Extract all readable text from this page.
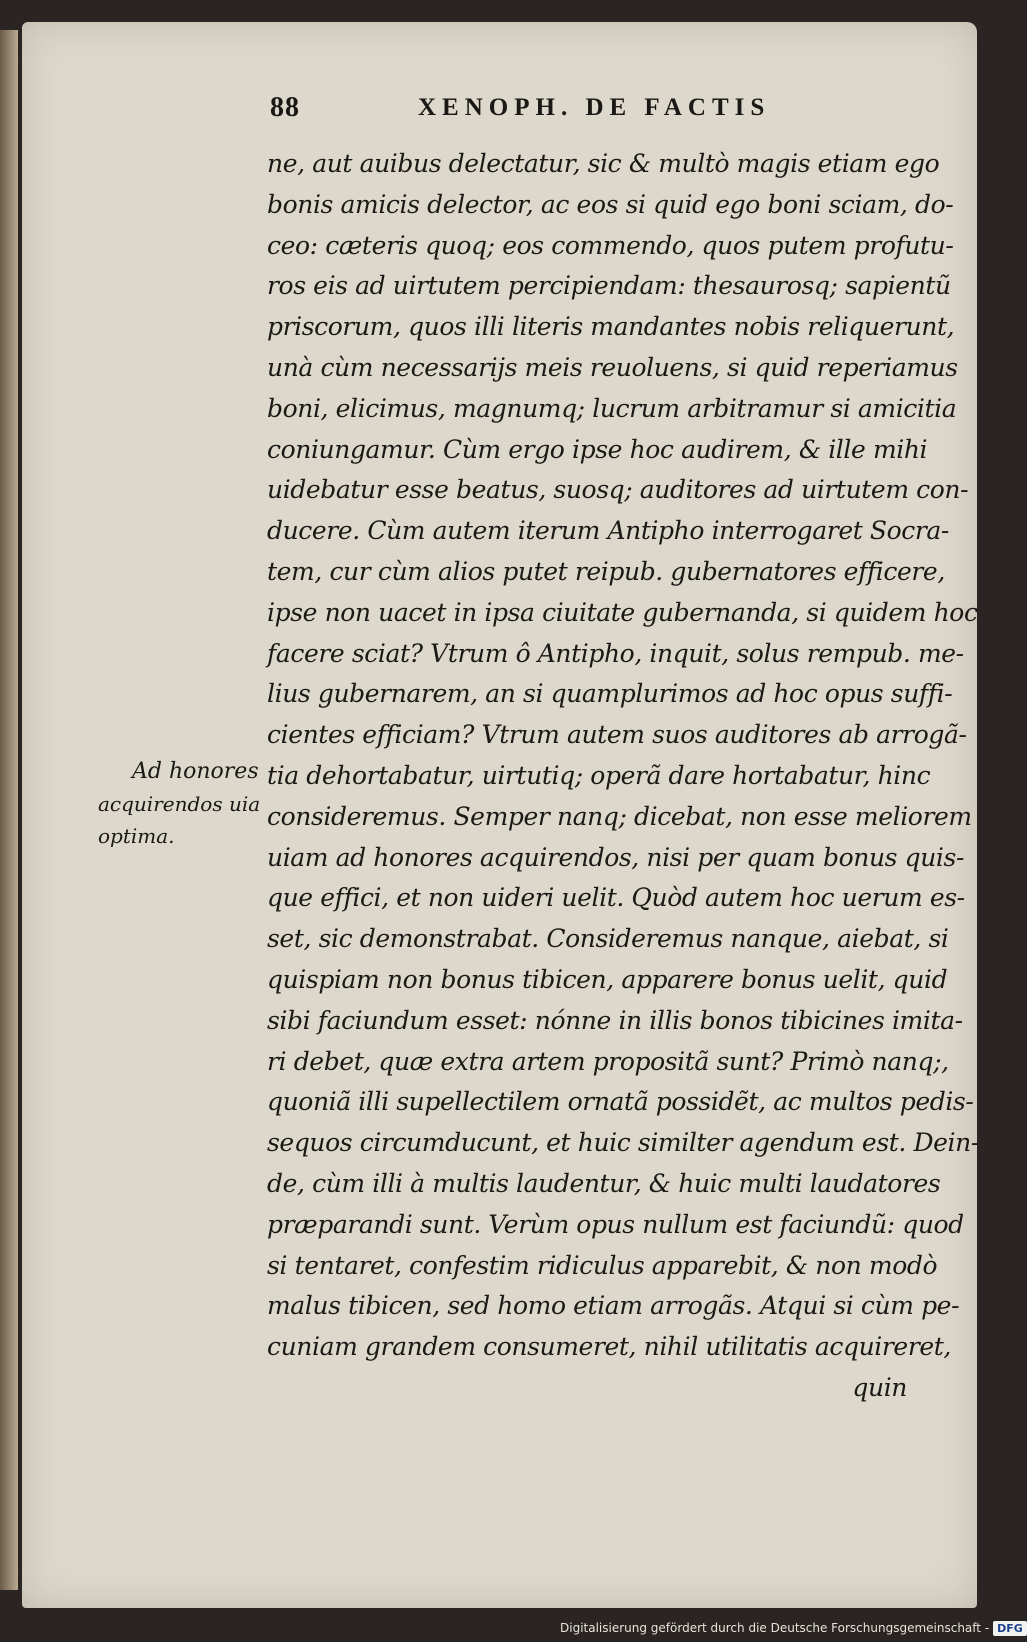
88	XENOPH. DE FACTIS
Ad honores
acquirendos uia
optima.
ne, aut auibus delectatur, sic & multò magis etiam ego
bonis amicis delector, ac eos si quid ego boni sciam, do-
ceo: cæteris quoq; eos commendo, quos putem profutu-
ros eis ad uirtutem percipiendam: thesaurosq; sapientũ
priscorum, quos illi literis mandantes nobis reliquerunt,
unà cùm necessarijs meis reuoluens, si quid reperiamus
boni, elicimus, magnumq; lucrum arbitramur si amicitia
coniungamur. Cùm ergo ipse hoc audirem, & ille mihi
uidebatur esse beatus, suosq; auditores ad uirtutem con-
ducere. Cùm autem iterum Antipho interrogaret Socra-
tem, cur cùm alios putet reipub. gubernatores efficere,
ipse non uacet in ipsa ciuitate gubernanda, si quidem hoc
facere sciat? Vtrum ô Antipho, inquit, solus rempub. me-
lius gubernarem, an si quamplurimos ad hoc opus suffi-
cientes efficiam? Vtrum autem suos auditores ab arrogã-
tia dehortabatur, uirtutiq; operã dare hortabatur, hinc
consideremus. Semper nanq; dicebat, non esse meliorem
uiam ad honores acquirendos, nisi per quam bonus quis-
que effici, et non uideri uelit. Quòd autem hoc uerum es-
set, sic demonstrabat. Consideremus nanque, aiebat, si
quispiam non bonus tibicen, apparere bonus uelit, quid
sibi faciundum esset: nónne in illis bonos tibicines imita-
ri debet, quæ extra artem propositã sunt? Primò nanq;,
quoniã illi supellectilem ornatã possidẽt, ac multos pedis-
sequos circumducunt, et huic similter agendum est. Dein-
de, cùm illi à multis laudentur, & huic multi laudatores
præparandi sunt. Verùm opus nullum est faciundũ: quod
si tentaret, confestim ridiculus apparebit, & non modò
malus tibicen, sed homo etiam arrogãs. Atqui si cùm pe-
cuniam grandem consumeret, nihil utilitatis acquireret,
quin
Digitalisierung gefördert durch die Deutsche Forschungsgemeinschaft - DFG
